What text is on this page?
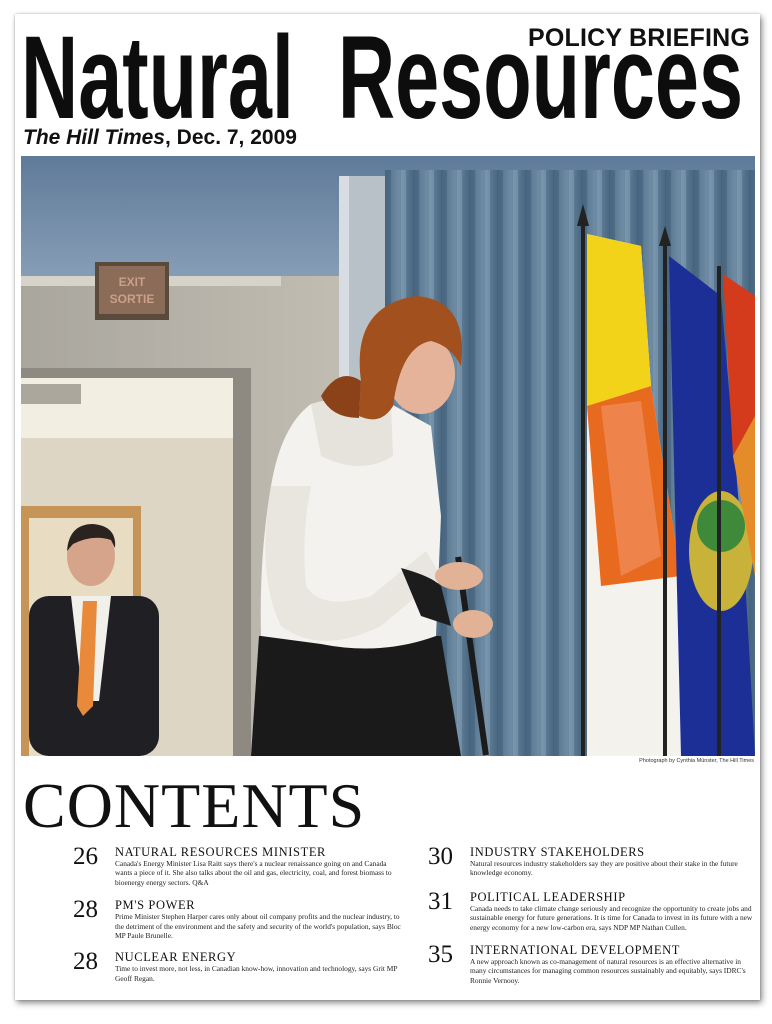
Natural  Resources
POLICY BRIEFING
The Hill Times, Dec. 7, 2009
EXIT
SORTIE
Photograph by Cynthia Münster, The Hill Times
CONTENTS
26 NATURAL RESOURCES MINISTER
Canada's Energy Minister Lisa Raitt says there's a nuclear renaissance going on and Canada wants a piece of it. She also talks about the oil and gas, electricity, coal, and forest biomass to bioenergy energy sectors. Q&A
28 PM'S POWER
Prime Minister Stephen Harper cares only about oil company profits and the nuclear industry, to the detriment of the environment and the safety and security of the world's population, says Bloc MP Paule Brunelle.
28 NUCLEAR ENERGY
Time to invest more, not less, in Canadian know-how, innovation and technology, says Grit MP Geoff Regan.
30 INDUSTRY STAKEHOLDERS
Natural resources industry stakeholders say they are positive about their stake in the future knowledge economy.
31 POLITICAL LEADERSHIP
Canada needs to take climate change seriously and recognize the opportunity to create jobs and sustainable energy for future generations. It is time for Canada to invest in its future with a new energy economy for a new low-carbon era, says NDP MP Nathan Cullen.
35 INTERNATIONAL DEVELOPMENT
A new approach known as co-management of natural resources is an effective alternative in many circumstances for managing common resources sustainably and equitably, says IDRC's Ronnie Vernooy.
